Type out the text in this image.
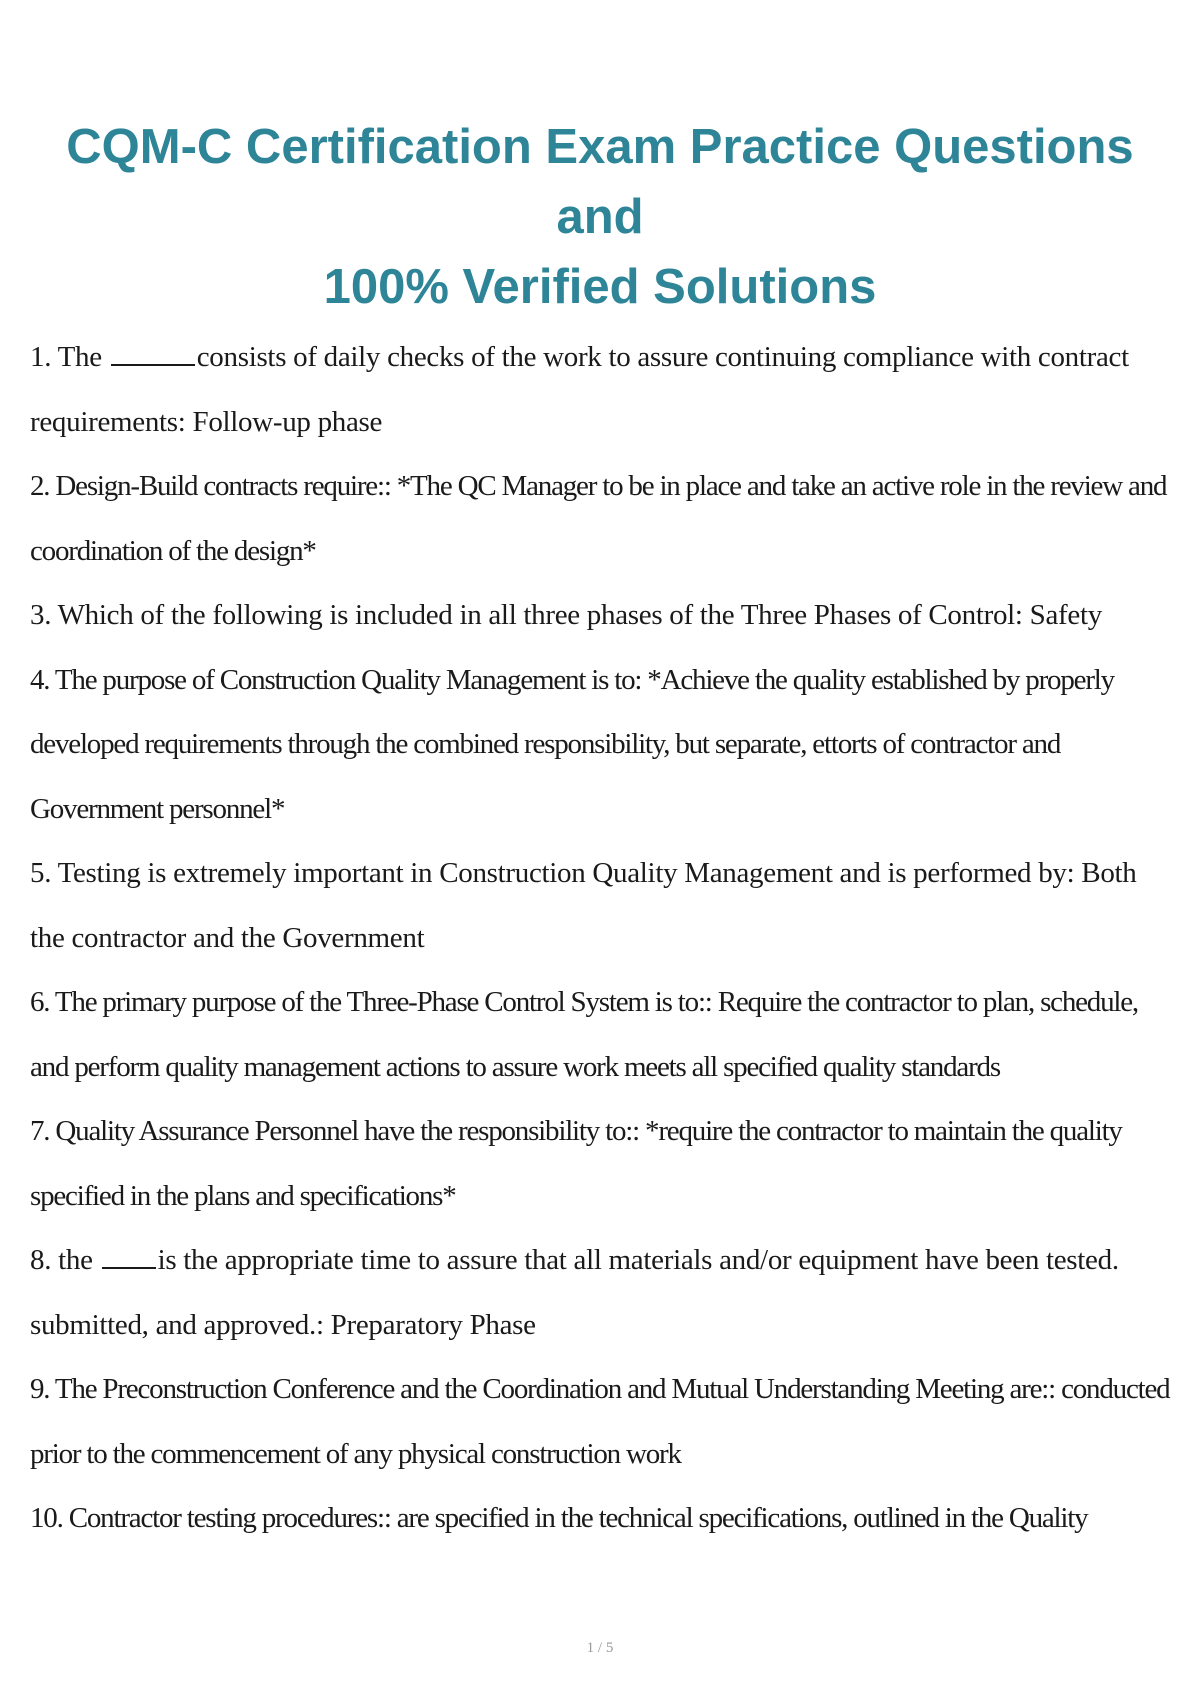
CQM-C Certification Exam Practice Questions and
100% Verified Solutions
1. The	consists of daily checks of the work to assure continuing compliance with contract requirements: Follow-up phase
2. Design-Build contracts require:: *The QC Manager to be in place and take an active role in the review and coordination of the design*
3. Which of the following is included in all three phases of the Three Phases of Control: Safety
4. The purpose of Construction Quality Management is to: *Achieve the quality established by properly developed requirements through the combined responsibility, but separate, ettorts of contractor and Government personnel*
5. Testing is extremely important in Construction Quality Management and is performed by: Both the contractor and the Government
6. The primary purpose of the Three-Phase Control System is to:: Require the contractor to plan, schedule, and perform quality management actions to assure work meets all specified quality standards
7. Quality Assurance Personnel have the responsibility to:: *require the contractor to maintain the quality specified in the plans and specifications*
8. the is the appropriate time to assure that all materials and/or equipment have been tested. submitted, and approved.: Preparatory Phase
9. The Preconstruction Conference and the Coordination and Mutual Understanding Meeting are:: conducted prior to the commencement of any physical construction work
10. Contractor testing procedures:: are specified in the technical specifications, outlined in the Quality
1 / 5
